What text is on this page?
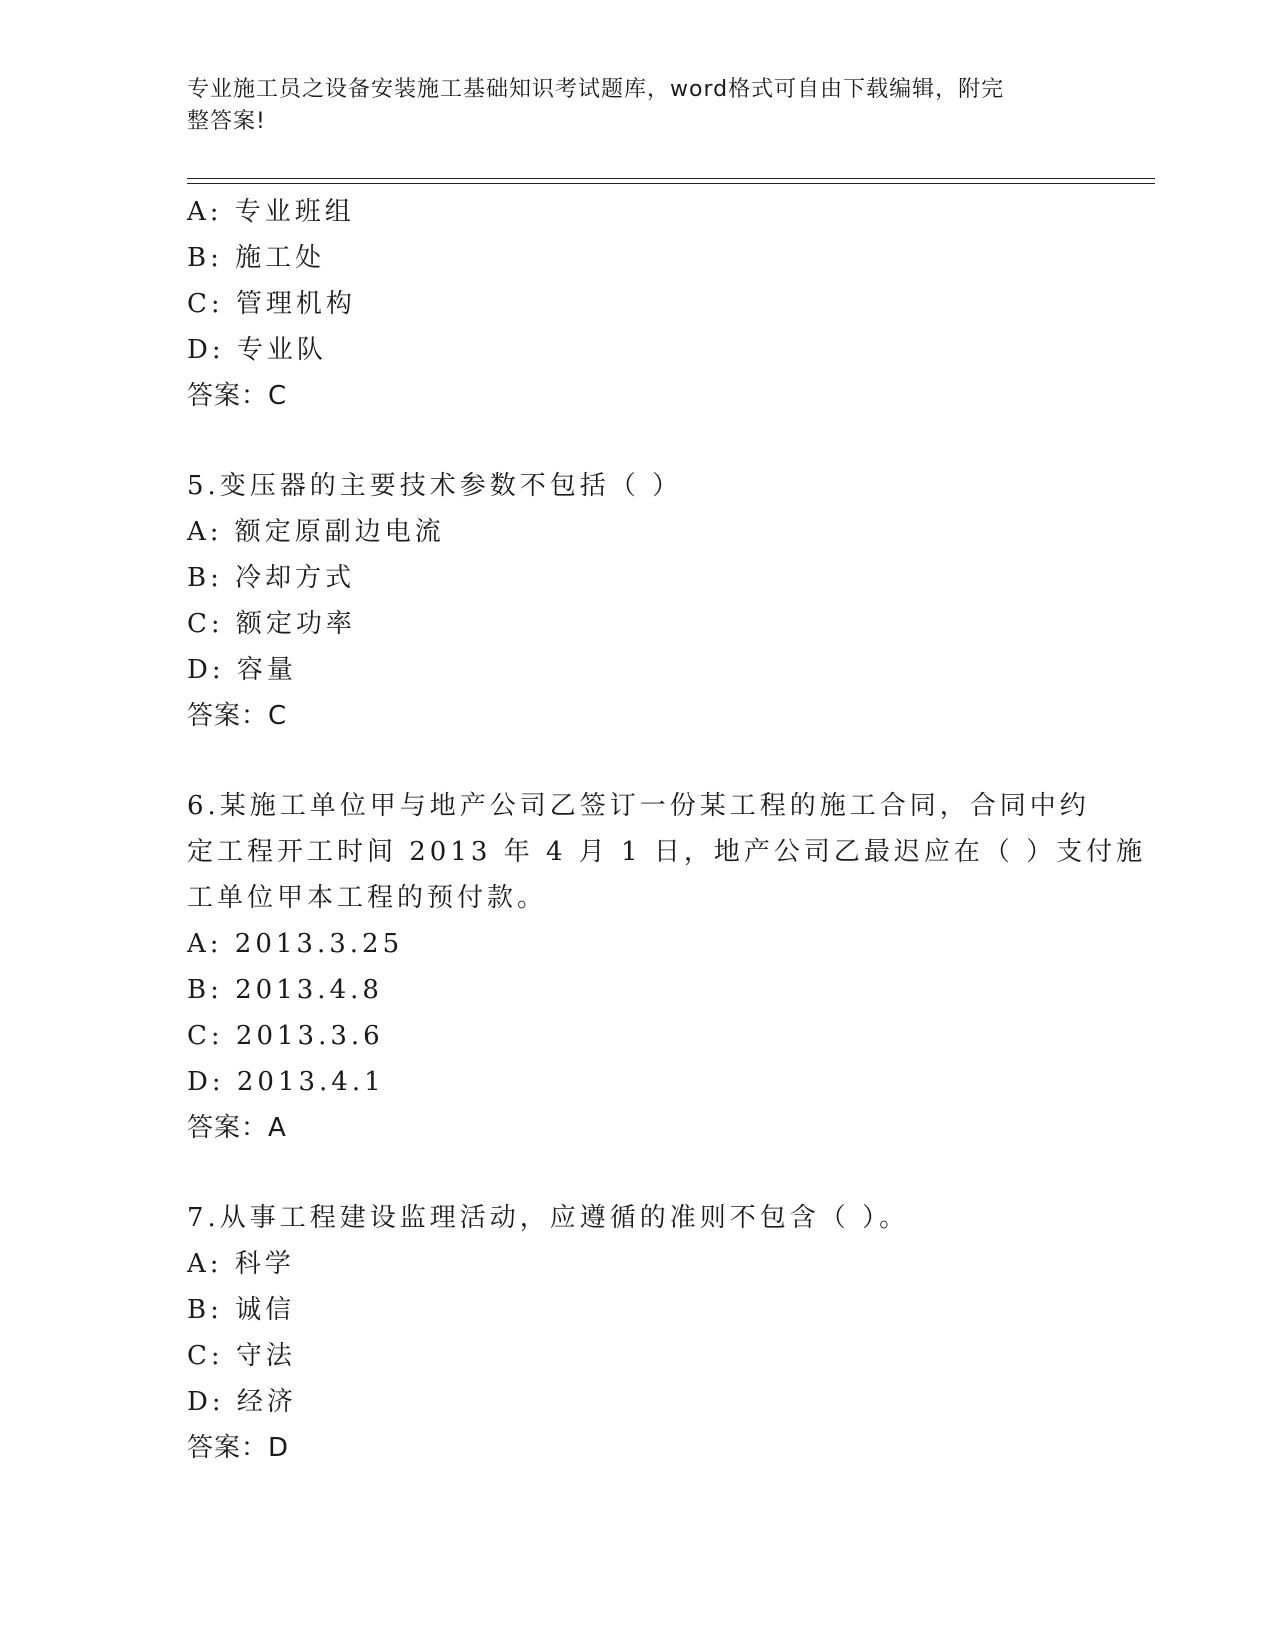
专业施工员之设备安装施工基础知识考试题库，word格式可自由下载编辑，附完
整答案!
A: 专业班组
B: 施工处
C: 管理机构
D: 专业队
答案：C
5.变压器的主要技术参数不包括（ ）
A: 额定原副边电流
B: 冷却方式
C: 额定功率
D: 容量
答案：C
6.某施工单位甲与地产公司乙签订一份某工程的施工合同，合同中约
定工程开工时间 2013 年 4 月 1 日，地产公司乙最迟应在（ ）支付施
工单位甲本工程的预付款。
A: 2013.3.25
B: 2013.4.8
C: 2013.3.6
D: 2013.4.1
答案：A
7.从事工程建设监理活动，应遵循的准则不包含（ ）。
A: 科学
B: 诚信
C: 守法
D: 经济
答案：D
